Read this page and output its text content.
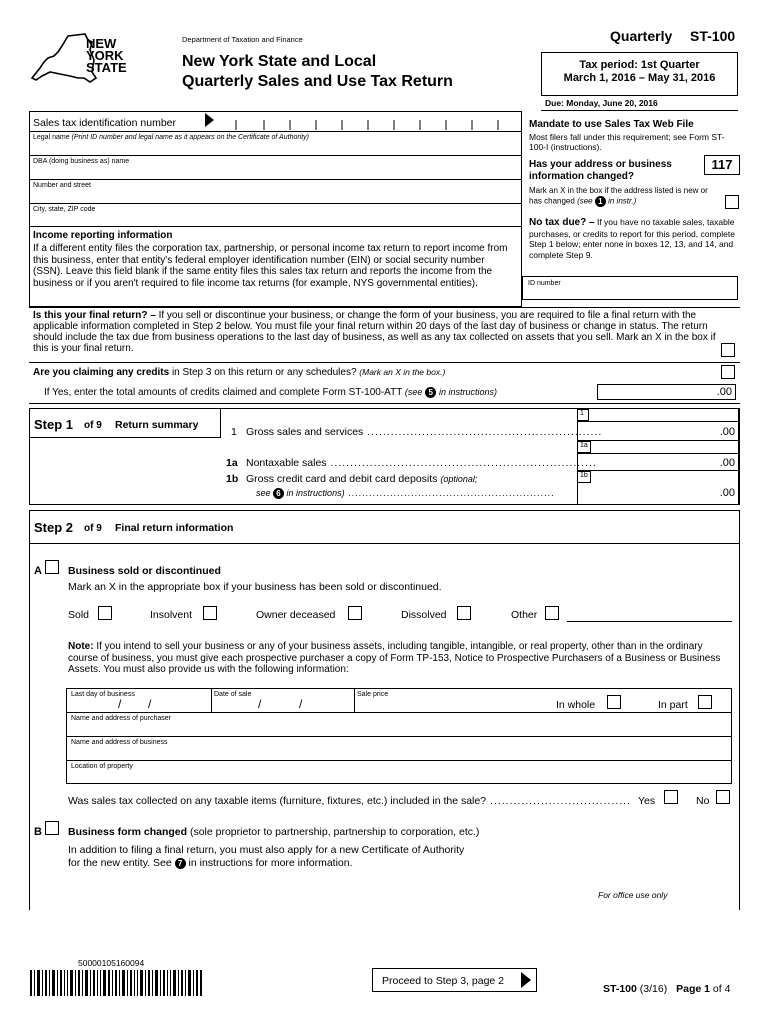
NEW
YORK
STATE
Department of Taxation and Finance
New York State and Local
Quarterly Sales and Use Tax Return
Quarterly ST-100
Tax period: 1st Quarter
March 1, 2016 – May 31, 2016
Due: Monday, June 20, 2016
Sales tax identification number
Legal name (Print ID number and legal name as it appears on the Certificate of Authority)
DBA (doing business as) name
Number and street
City, state, ZIP code
Income reporting information
If a different entity files the corporation tax, partnership, or personal income tax return to report income from this business, enter that entity's federal employer identification number (EIN) or social security number (SSN). Leave this field blank if the same entity files this sales tax return and reports the income from the business or if you aren't required to file income tax returns (for example, NYS governmental entities).
Mandate to use Sales Tax Web File
Most filers fall under this requirement; see Form ST-100-I (instructions).
Has your address or business information changed?
117
Mark an X in the box if the address listed is new or has changed (see 1 in instr.)
No tax due? – If you have no taxable sales, taxable purchases, or credits to report for this period, complete Step 1 below; enter none in boxes 12, 13, and 14, and complete Step 9.
ID number
Is this your final return? – If you sell or discontinue your business, or change the form of your business, you are required to file a final return with the applicable information completed in Step 2 below. You must file your final return within 20 days of the last day of business or change in status. The return should include the tax due from business operations to the last day of business, as well as any tax collected on assets that you sell. Mark an X in the box if this is your final return.
Are you claiming any credits in Step 3 on this return or any schedules? (Mark an X in the box.)
If Yes, enter the total amounts of credits claimed and complete Form ST-100-ATT (see 5 in instructions)	.00
Step 1 of 9 Return summary
1 Gross sales and services ............................................................
1
.00
1a Nontaxable sales ....................................................................
1a
.00
1b Gross credit card and debit card deposits (optional;
see 6 in instructions) ...........................................................
1b
.00
Step 2 of 9 Final return information
A Business sold or discontinued
Mark an X in the appropriate box if your business has been sold or discontinued.
Sold	Insolvent	Owner deceased	Dissolved	Other
Note: If you intend to sell your business or any of your business assets, including tangible, intangible, or real property, other than in the ordinary course of business, you must give each prospective purchaser a copy of Form TP-153, Notice to Prospective Purchasers of a Business or Business Assets. You must also provide us with the following information:
Last day of business
/ /
Date of sale
/	/
Sale price
In whole	In part
Name and address of purchaser
Name and address of business
Location of property
Was sales tax collected on any taxable items (furniture, fixtures, etc.) included in the sale? .................................... Yes	No
B Business form changed (sole proprietor to partnership, partnership to corporation, etc.)
In addition to filing a final return, you must also apply for a new Certificate of Authority
for the new entity. See 7 in instructions for more information.
For office use only
50000105160094
Proceed to Step 3, page 2
ST-100 (3/16) Page 1 of 4
